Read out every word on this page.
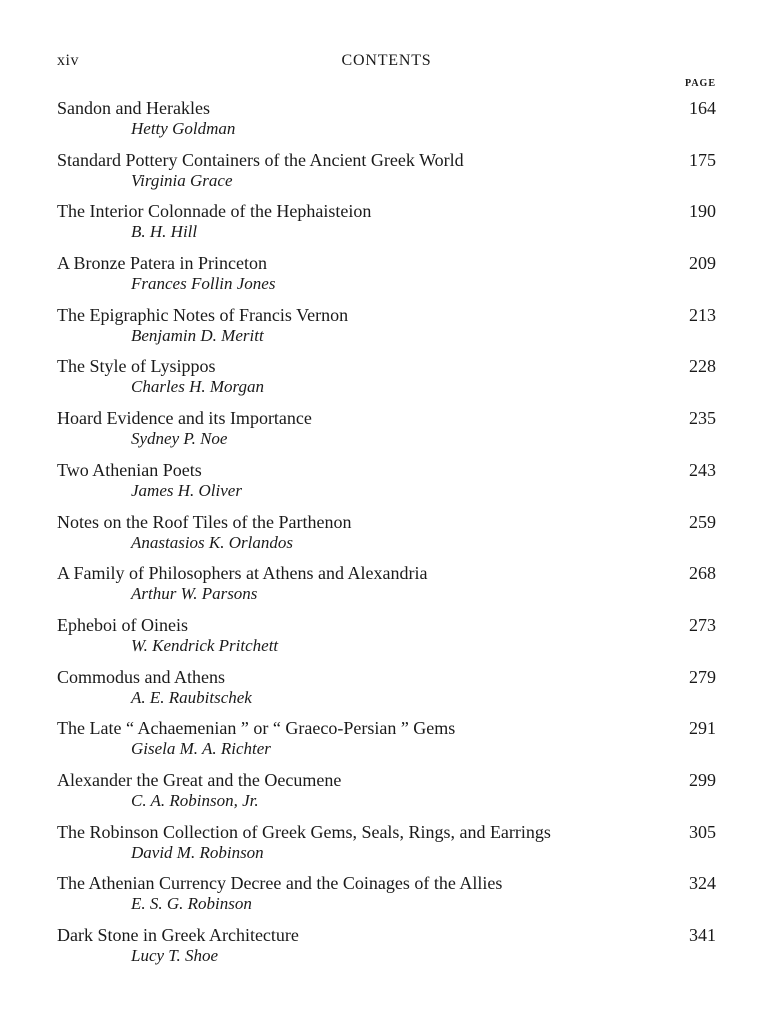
xiv	CONTENTS
PAGE
Sandon and Herakles
Hetty Goldman
164
Standard Pottery Containers of the Ancient Greek World
Virginia Grace
175
The Interior Colonnade of the Hephaisteion
B. H. Hill
190
A Bronze Patera in Princeton
Frances Follin Jones
209
The Epigraphic Notes of Francis Vernon
Benjamin D. Meritt
213
The Style of Lysippos
Charles H. Morgan
228
Hoard Evidence and its Importance
Sydney P. Noe
235
Two Athenian Poets
James H. Oliver
243
Notes on the Roof Tiles of the Parthenon
Anastasios K. Orlandos
259
A Family of Philosophers at Athens and Alexandria
Arthur W. Parsons
268
Epheboi of Oineis
W. Kendrick Pritchett
273
Commodus and Athens
A. E. Raubitschek
279
The Late “ Achaemenian ” or “ Graeco-Persian ” Gems
Gisela M. A. Richter
291
Alexander the Great and the Oecumene
C. A. Robinson, Jr.
299
The Robinson Collection of Greek Gems, Seals, Rings, and Earrings
David M. Robinson
305
The Athenian Currency Decree and the Coinages of the Allies
E. S. G. Robinson
324
Dark Stone in Greek Architecture
Lucy T. Shoe
341
